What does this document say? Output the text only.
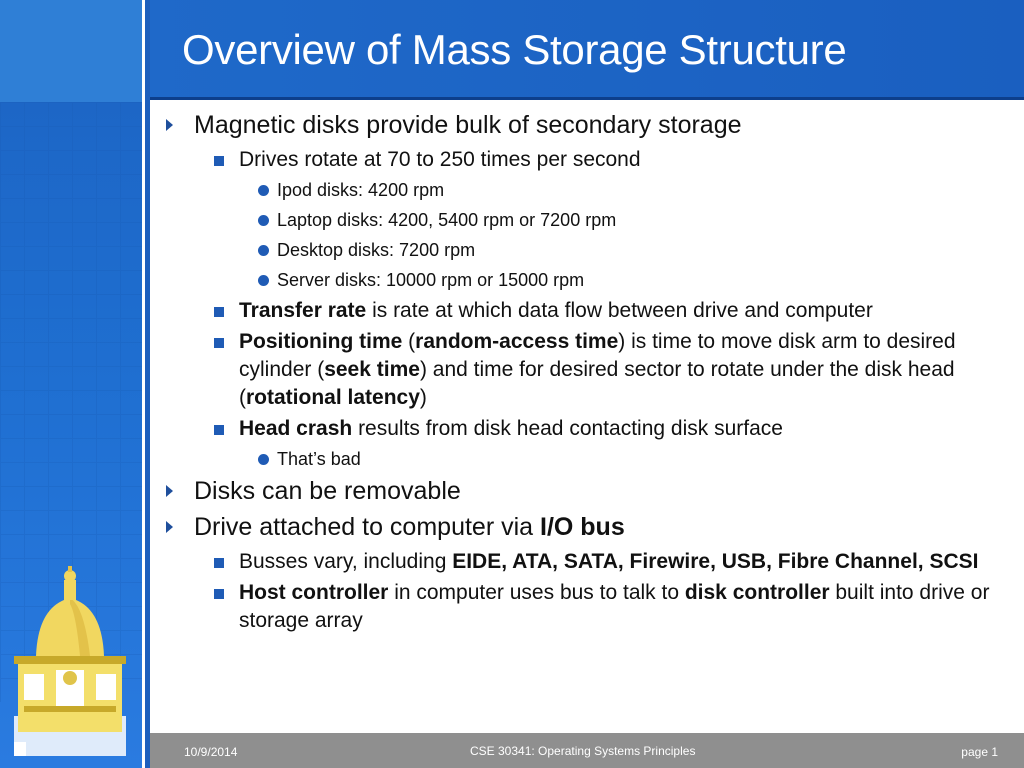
Overview of Mass Storage Structure
Magnetic disks provide bulk of secondary storage
Drives rotate at 70 to 250 times per second
Ipod disks: 4200 rpm
Laptop disks: 4200, 5400 rpm or 7200 rpm
Desktop disks: 7200 rpm
Server disks: 10000 rpm or 15000 rpm
Transfer rate is rate at which data flow between drive and computer
Positioning time (random-access time) is time to move disk arm to desired cylinder (seek time) and time for desired sector to rotate under the disk head (rotational latency)
Head crash results from disk head contacting disk surface
That’s bad
Disks can be removable
Drive attached to computer via I/O bus
Busses vary, including EIDE, ATA, SATA, Firewire, USB, Fibre Channel, SCSI
Host controller in computer uses bus to talk to disk controller built into drive or storage array
10/9/2014	CSE 30341: Operating Systems Principles	page 1
